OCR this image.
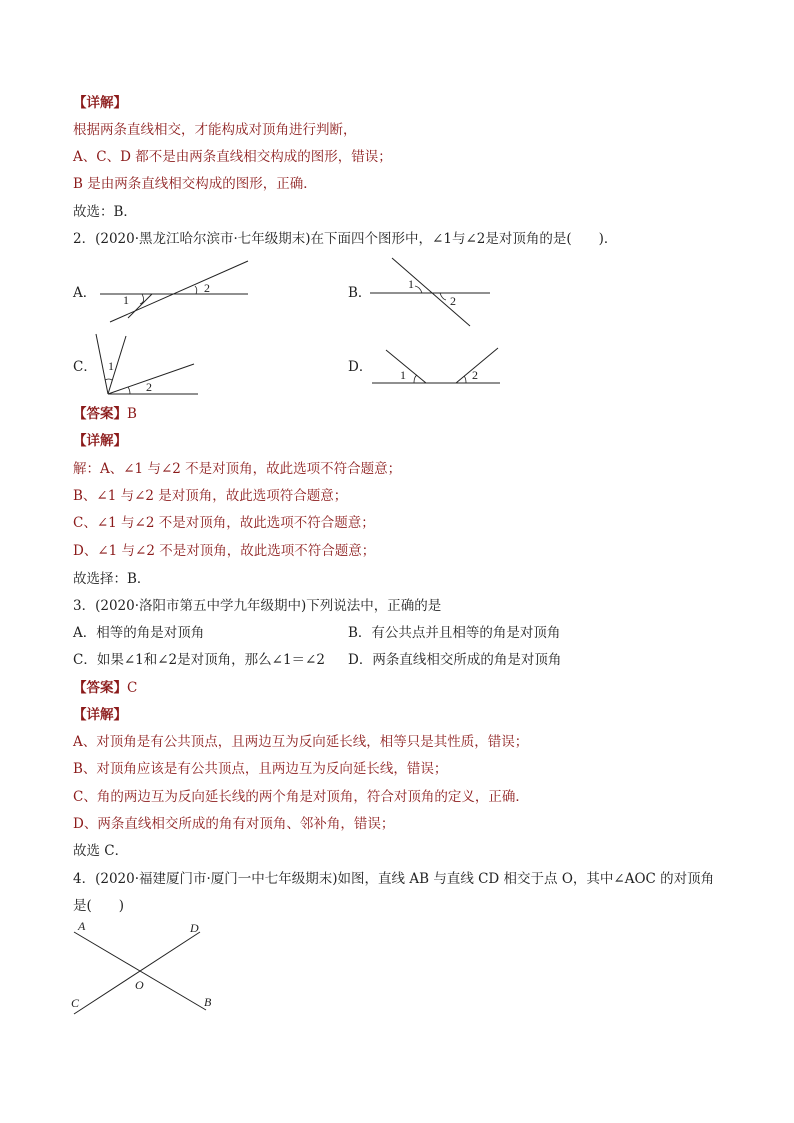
【详解】
根据两条直线相交，才能构成对顶角进行判断，
A、C、D 都不是由两条直线相交构成的图形，错误；
B 是由两条直线相交构成的图形，正确．
故选：B．
2．(2020·黑龙江哈尔滨市·七年级期末)在下面四个图形中，∠1与∠2是对顶角的是(　　)．
A． 1
2	B．
1
2
C． 1
2
D． 1	2
【答案】B
【详解】
解：A、∠1 与∠2 不是对顶角，故此选项不符合题意；
B、∠1 与∠2 是对顶角，故此选项符合题意；
C、∠1 与∠2 不是对顶角，故此选项不符合题意；
D、∠1 与∠2 不是对顶角，故此选项不符合题意；
故选择：B．
3．(2020·洛阳市第五中学九年级期中)下列说法中，正确的是
A．相等的角是对顶角	B．有公共点并且相等的角是对顶角
C．如果∠1和∠2是对顶角，那么∠1＝∠2 D．两条直线相交所成的角是对顶角
【答案】C
【详解】
A、对顶角是有公共顶点，且两边互为反向延长线，相等只是其性质，错误；
B、对顶角应该是有公共顶点，且两边互为反向延长线，错误；
C、角的两边互为反向延长线的两个角是对顶角，符合对顶角的定义，正确．
D、两条直线相交所成的角有对顶角、邻补角，错误；
故选 C．
4．(2020·福建厦门市·厦门一中七年级期末)如图，直线 AB 与直线 CD 相交于点 O，其中∠AOC 的对顶角
是(　　)
A	D
O
C	B
